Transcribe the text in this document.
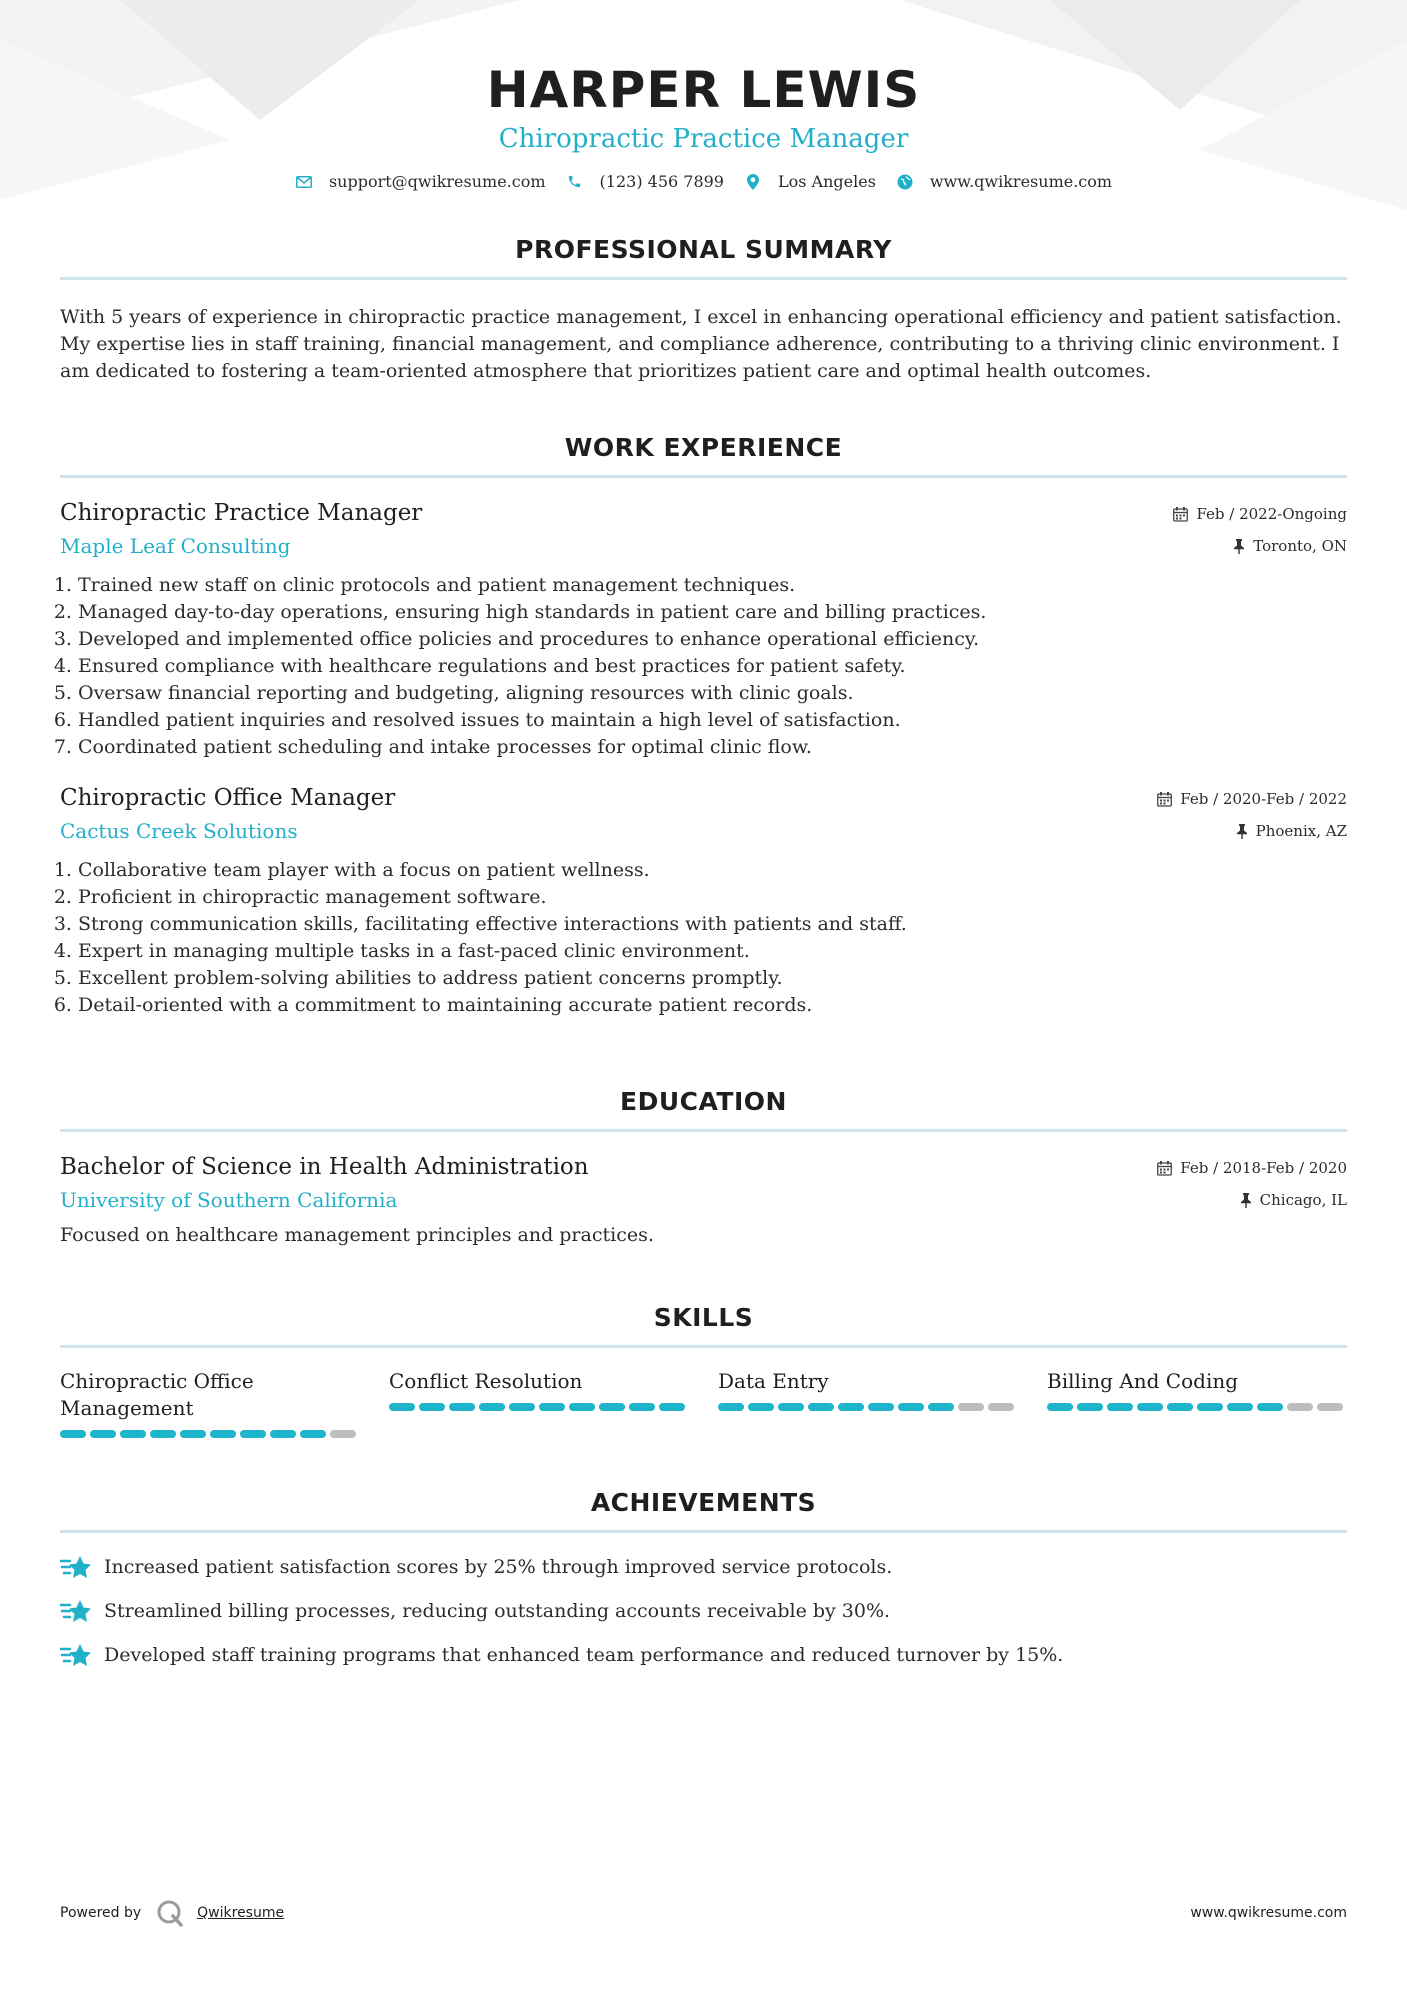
HARPER LEWIS
Chiropractic Practice Manager
support@qwikresume.com	(123) 456 7899	Los Angeles	www.qwikresume.com
PROFESSIONAL SUMMARY
With 5 years of experience in chiropractic practice management, I excel in enhancing operational efficiency and patient satisfaction. My expertise lies in staff training, financial management, and compliance adherence, contributing to a thriving clinic environment. I am dedicated to fostering a team-oriented atmosphere that prioritizes patient care and optimal health outcomes.
WORK EXPERIENCE
Chiropractic Practice Manager
Maple Leaf Consulting
Feb / 2022-Ongoing
Toronto, ON
1. Trained new staff on clinic protocols and patient management techniques.
2. Managed day-to-day operations, ensuring high standards in patient care and billing practices.
3. Developed and implemented office policies and procedures to enhance operational efficiency.
4. Ensured compliance with healthcare regulations and best practices for patient safety.
5. Oversaw financial reporting and budgeting, aligning resources with clinic goals.
6. Handled patient inquiries and resolved issues to maintain a high level of satisfaction.
7. Coordinated patient scheduling and intake processes for optimal clinic flow.
Chiropractic Office Manager
Cactus Creek Solutions
Feb / 2020-Feb / 2022
Phoenix, AZ
1. Collaborative team player with a focus on patient wellness.
2. Proficient in chiropractic management software.
3. Strong communication skills, facilitating effective interactions with patients and staff.
4. Expert in managing multiple tasks in a fast-paced clinic environment.
5. Excellent problem-solving abilities to address patient concerns promptly.
6. Detail-oriented with a commitment to maintaining accurate patient records.
EDUCATION
Bachelor of Science in Health Administration
University of Southern California
Feb / 2018-Feb / 2020
Chicago, IL
Focused on healthcare management principles and practices.
SKILLS
Chiropractic Office Management
Conflict Resolution	Data Entry	Billing And Coding
ACHIEVEMENTS
Increased patient satisfaction scores by 25% through improved service protocols.
Streamlined billing processes, reducing outstanding accounts receivable by 30%.
Developed staff training programs that enhanced team performance and reduced turnover by 15%.
Powered by	Qwikresume	www.qwikresume.com
